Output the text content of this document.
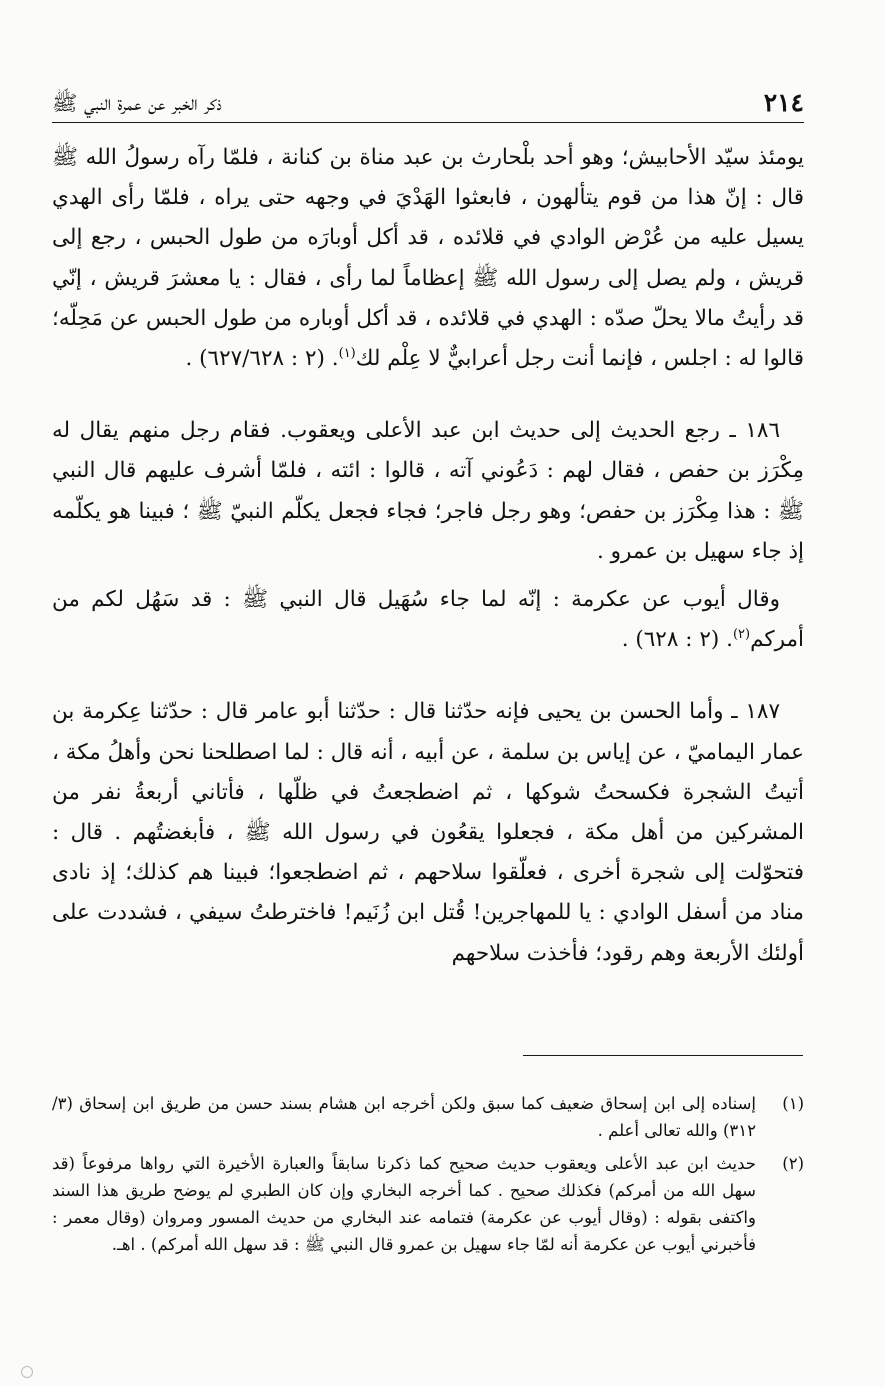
٢١٤
ذكر الخبر عن عمرة النبي ﷺ

يومئذ سيّد الأحابيش؛ وهو أحد بلْحارث بن عبد مناة بن كنانة ، فلمّا رآه رسولُ الله ﷺ قال : إنّ هذا من قوم يتألهون ، فابعثوا الهَدْيَ في وجهه حتى يراه ، فلمّا رأى الهدي يسيل عليه من عُرْض الوادي في قلائده ، قد أكل أوبارَه من طول الحبس ، رجع إلى قريش ، ولم يصل إلى رسول الله ﷺ إعظاماً لما رأى ، فقال : يا معشرَ قريش ، إنّي قد رأيتُ مالا يحلّ صدّه : الهدي في قلائده ، قد أكل أوباره من طول الحبس عن مَحِلّه؛ قالوا له : اجلس ، فإنما أنت رجل أعرابيٌّ لا عِلْم لك$^{(١)}$. (٢ : ٦٢٧/٦٢٨) .

١٨٦ ـ رجع الحديث إلى حديث ابن عبد الأعلى ويعقوب. فقام رجل منهم يقال له مِكْرَز بن حفص ، فقال لهم : دَعُوني آته ، قالوا : ائته ، فلمّا أشرف عليهم قال النبي ﷺ : هذا مِكْرَز بن حفص؛ وهو رجل فاجر؛ فجاء فجعل يكلّم النبيّ ﷺ ؛ فبينا هو يكلّمه إذ جاء سهيل بن عمرو .

وقال أيوب عن عكرمة : إنّه لما جاء سُهَيل قال النبي ﷺ : قد سَهُل لكم من أمركم$^{(٢)}$. (٢ : ٦٢٨) .

١٨٧ ـ وأما الحسن بن يحيى فإنه حدّثنا قال : حدّثنا أبو عامر قال : حدّثنا عِكرمة بن عمار اليماميّ ، عن إياس بن سلمة ، عن أبيه ، أنه قال : لما اصطلحنا نحن وأهلُ مكة ، أتيتُ الشجرة فكسحتُ شوكها ، ثم اضطجعتُ في ظلّها ، فأتاني أربعةُ نفر من المشركين من أهل مكة ، فجعلوا يقعُون في رسول الله ﷺ ، فأبغضتُهم . قال : فتحوّلت إلى شجرة أخرى ، فعلّقوا سلاحهم ، ثم اضطجعوا؛ فبينا هم كذلك؛ إذ نادى مناد من أسفل الوادي : يا للمهاجرين! قُتل ابن زُنَيم! فاخترطتُ سيفي ، فشددت على أولئك الأربعة وهم رقود؛ فأخذت سلاحهم

(١)
إسناده إلى ابن إسحاق ضعيف كما سبق ولكن أخرجه ابن هشام بسند حسن من طريق ابن إسحاق (٣/ ٣١٢) والله تعالى أعلم .
(٢)
حديث ابن عبد الأعلى ويعقوب حديث صحيح كما ذكرنا سابقاً والعبارة الأخيرة التي رواها مرفوعاً (قد سهل الله من أمركم) فكذلك صحيح . كما أخرجه البخاري وإن كان الطبري لم يوضح طريق هذا السند واكتفى بقوله : (وقال أيوب عن عكرمة) فتمامه عند البخاري من حديث المسور ومروان (وقال معمر : فأخبرني أيوب عن عكرمة أنه لمّا جاء سهيل بن عمرو قال النبي ﷺ : قد سهل الله أمركم) . اهـ.
